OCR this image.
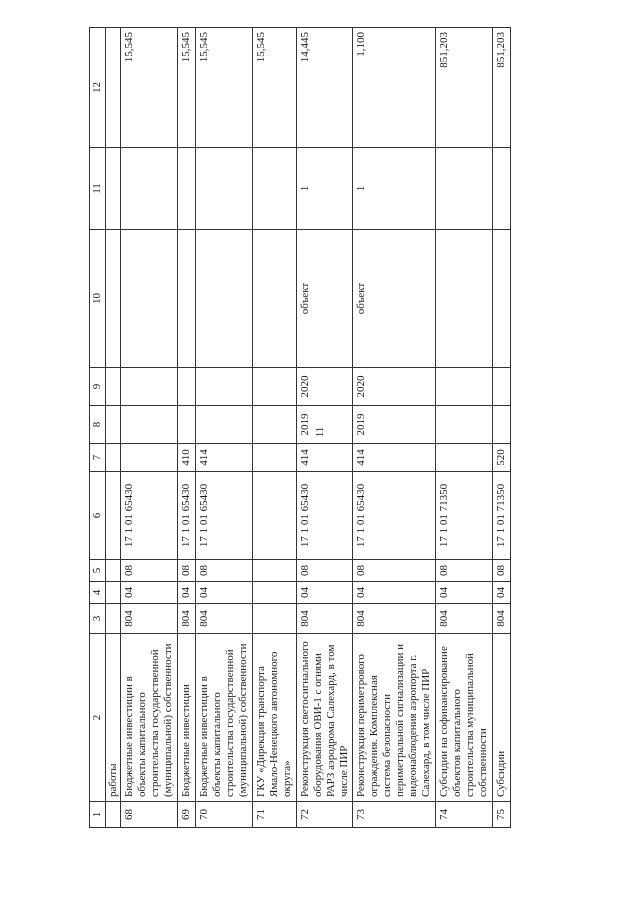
11
1	2	3	4	5	6	7	8	9	10	11	12
	работы										
68	Бюджетные инвестиции в объекты капитального строительства государственной (муниципальной) собственности	804	04	08	17 1 01 65430						15,545
69	Бюджетные инвестиции	804	04	08	17 1 01 65430	410					15,545
70	Бюджетные инвестиции в объекты капитального строительства государственной (муниципальной) собственности	804	04	08	17 1 01 65430	414					15,545
71	ГКУ «Дирекция транспорта Ямало-Ненецкого автономного округа»										15,545
72	Реконструкция светосигнального оборудования ОВИ-1 с огнями РАРЗ аэродрома Салехард, в том числе ПИР	804	04	08	17 1 01 65430	414	2019	2020	объект	1	14,445
73	Реконструкция периметрового ограждения. Комплексная система безопасности периметральной сигнализации и видеонаблюдения аэропорта г. Салехард, в том числе ПИР	804	04	08	17 1 01 65430	414	2019	2020	объект	1	1,100
74	Субсидии на софинансирование объектов капитального строительства муниципальной собственности	804	04	08	17 1 01 71350						851,203
75	Субсидии	804	04	08	17 1 01 71350	520					851,203
